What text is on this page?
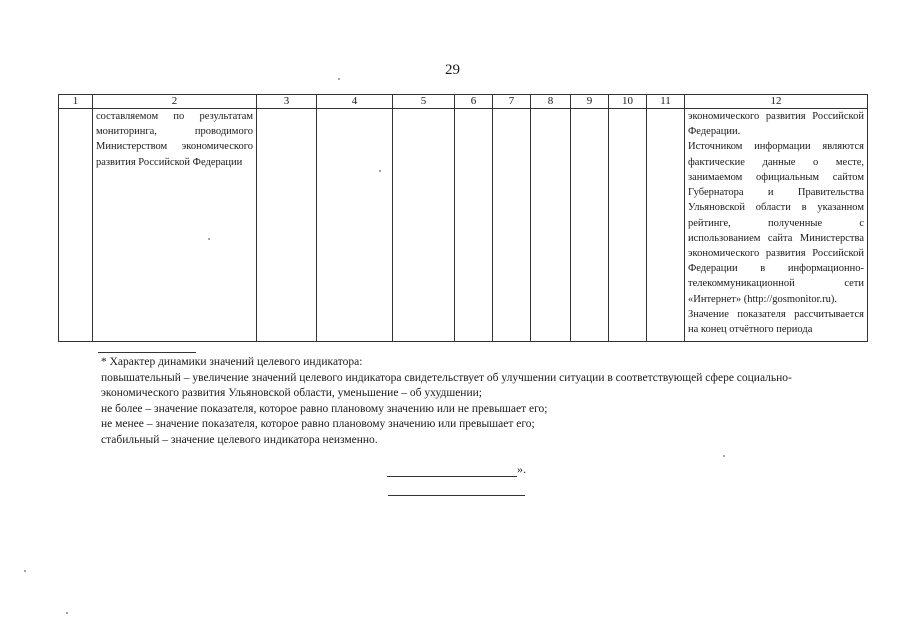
29
1	2	3	4	5	6	7	8	9	10	11	12

	составляемом по результатам мониторинга, проводимого Министерством экономического развития Российской Федерации										экономического развития Российской Федерации.
Источником информации являются фактические данные о месте, занимаемом официальным сайтом Губернатора и Правительства Ульяновской области в указанном рейтинге, полученные с использованием сайта Министерства экономического развития Российской Федерации в информационно-телекоммуникационной сети «Интернет» (http://gosmonitor.ru).
Значение показателя рассчитывается на конец отчётного периода

* Характер динамики значений целевого индикатора:

повышательный – увеличение значений целевого индикатора свидетельствует об улучшении ситуации в соответствующей сфере социально-экономического развития Ульяновской области, уменьшение – об ухудшении;

не более – значение показателя, которое равно плановому значению или не превышает его;

не менее – значение показателя, которое равно плановому значению или превышает его;

стабильный – значение целевого индикатора неизменно.

».
